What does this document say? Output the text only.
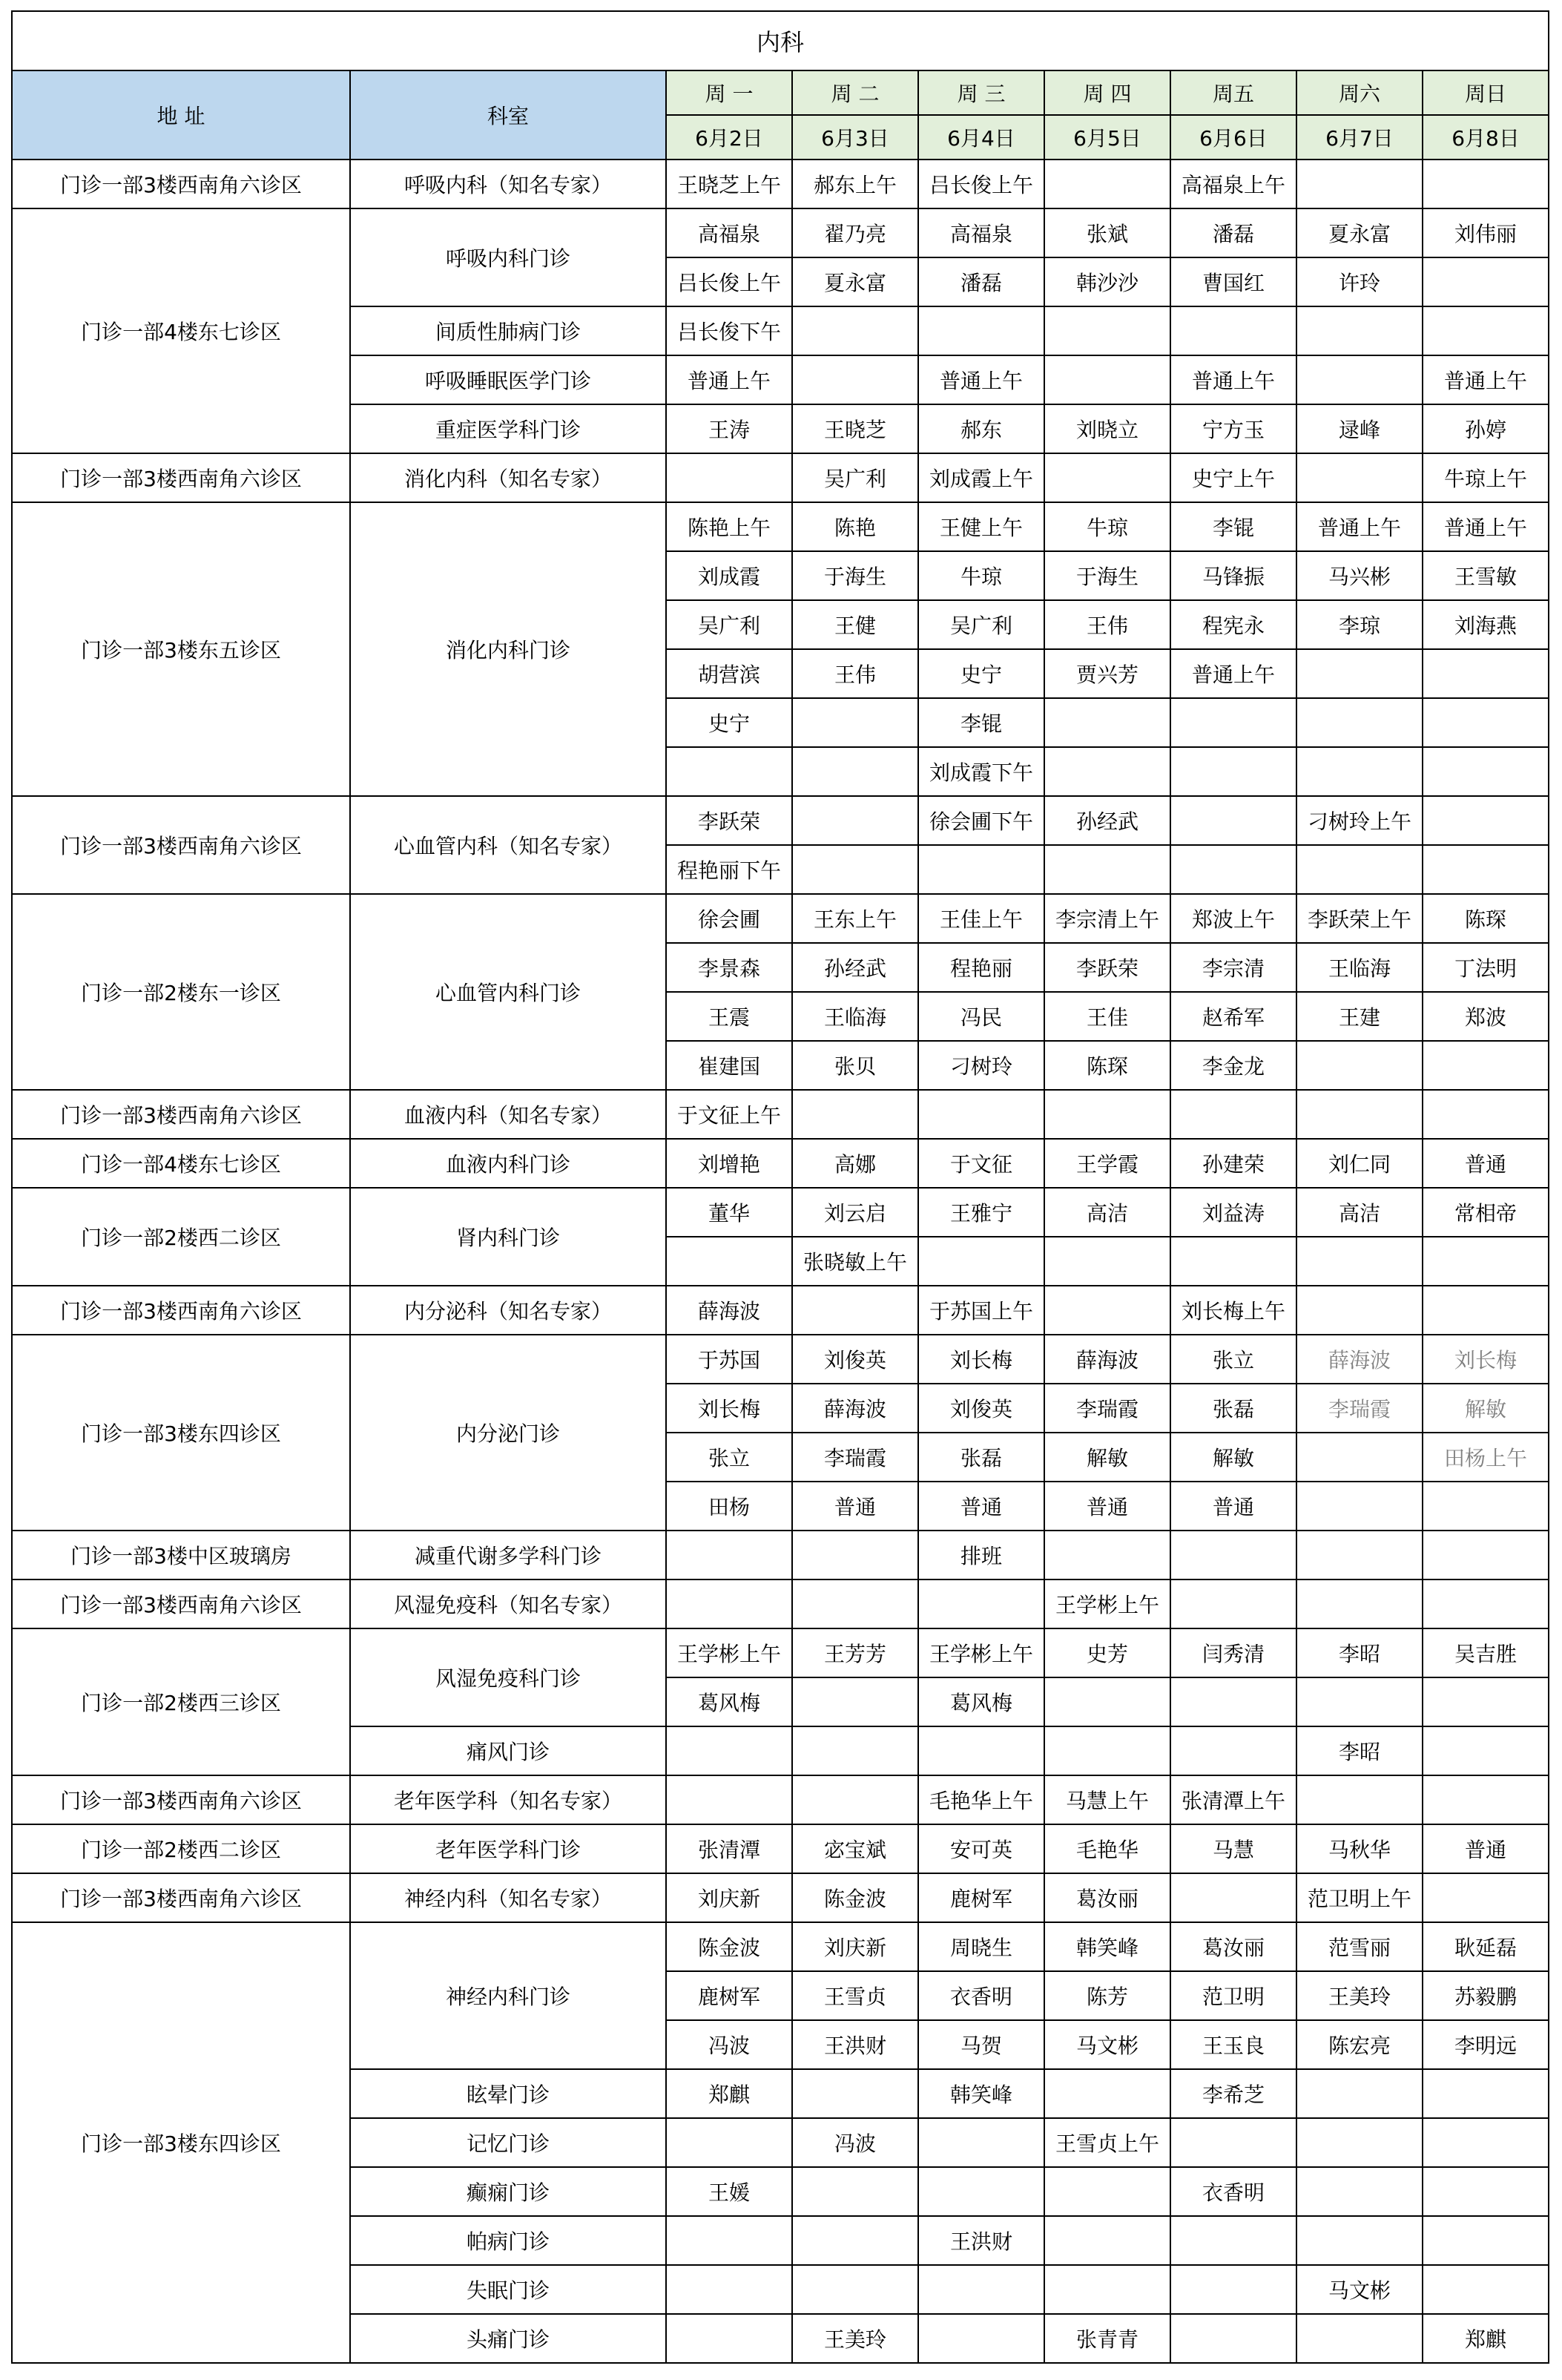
内科								
地 址	科室	周 一	周 二	周 三	周 四	周五	周六	周日
		6月2日	6月3日	6月4日	6月5日	6月6日	6月7日	6月8日
门诊一部3楼西南角六诊区	呼吸内科（知名专家）	王晓芝上午	郝东上午	吕长俊上午		高福泉上午		
门诊一部4楼东七诊区	呼吸内科门诊	高福泉	翟乃亮	高福泉	张斌	潘磊	夏永富	刘伟丽
		吕长俊上午	夏永富	潘磊	韩沙沙	曹国红	许玲	
	间质性肺病门诊	吕长俊下午						
	呼吸睡眠医学门诊	普通上午		普通上午		普通上午		普通上午
	重症医学科门诊	王涛	王晓芝	郝东	刘晓立	宁方玉	逯峰	孙婷
门诊一部3楼西南角六诊区	消化内科（知名专家）		吴广利	刘成霞上午		史宁上午		牛琼上午
门诊一部3楼东五诊区	消化内科门诊	陈艳上午	陈艳	王健上午	牛琼	李锟	普通上午	普通上午
		刘成霞	于海生	牛琼	于海生	马锋振	马兴彬	王雪敏
		吴广利	王健	吴广利	王伟	程宪永	李琼	刘海燕
		胡营滨	王伟	史宁	贾兴芳	普通上午		
		史宁		李锟				
				刘成霞下午				
门诊一部3楼西南角六诊区	心血管内科（知名专家）	李跃荣		徐会圃下午	孙经武		刁树玲上午	
		程艳丽下午						
门诊一部2楼东一诊区	心血管内科门诊	徐会圃	王东上午	王佳上午	李宗清上午	郑波上午	李跃荣上午	陈琛
		李景森	孙经武	程艳丽	李跃荣	李宗清	王临海	丁法明
		王震	王临海	冯民	王佳	赵希军	王建	郑波
		崔建国	张贝	刁树玲	陈琛	李金龙		
门诊一部3楼西南角六诊区	血液内科（知名专家）	于文征上午						
门诊一部4楼东七诊区	血液内科门诊	刘增艳	高娜	于文征	王学霞	孙建荣	刘仁同	普通
门诊一部2楼西二诊区	肾内科门诊	董华	刘云启	王雅宁	高洁	刘益涛	高洁	常相帝
			张晓敏上午					
门诊一部3楼西南角六诊区	内分泌科（知名专家）	薛海波		于苏国上午		刘长梅上午		
门诊一部3楼东四诊区	内分泌门诊	于苏国	刘俊英	刘长梅	薛海波	张立	薛海波	刘长梅
		刘长梅	薛海波	刘俊英	李瑞霞	张磊	李瑞霞	解敏
		张立	李瑞霞	张磊	解敏	解敏		田杨上午
		田杨	普通	普通	普通	普通		
门诊一部3楼中区玻璃房	减重代谢多学科门诊			排班				
门诊一部3楼西南角六诊区	风湿免疫科（知名专家）				王学彬上午			
门诊一部2楼西三诊区	风湿免疫科门诊	王学彬上午	王芳芳	王学彬上午	史芳	闫秀清	李昭	吴吉胜
		葛风梅		葛风梅				
	痛风门诊						李昭	
门诊一部3楼西南角六诊区	老年医学科（知名专家）			毛艳华上午	马慧上午	张清潭上午		
门诊一部2楼西二诊区	老年医学科门诊	张清潭	宓宝斌	安可英	毛艳华	马慧	马秋华	普通
门诊一部3楼西南角六诊区	神经内科（知名专家）	刘庆新	陈金波	鹿树军	葛汝丽		范卫明上午	
门诊一部3楼东四诊区	神经内科门诊	陈金波	刘庆新	周晓生	韩笑峰	葛汝丽	范雪丽	耿延磊
		鹿树军	王雪贞	衣香明	陈芳	范卫明	王美玲	苏毅鹏
		冯波	王洪财	马贺	马文彬	王玉良	陈宏亮	李明远
	眩晕门诊	郑麒		韩笑峰		李希芝		
	记忆门诊		冯波		王雪贞上午			
	癫痫门诊	王媛				衣香明		
	帕病门诊			王洪财				
	失眠门诊						马文彬	
	头痛门诊		王美玲		张青青			郑麒
